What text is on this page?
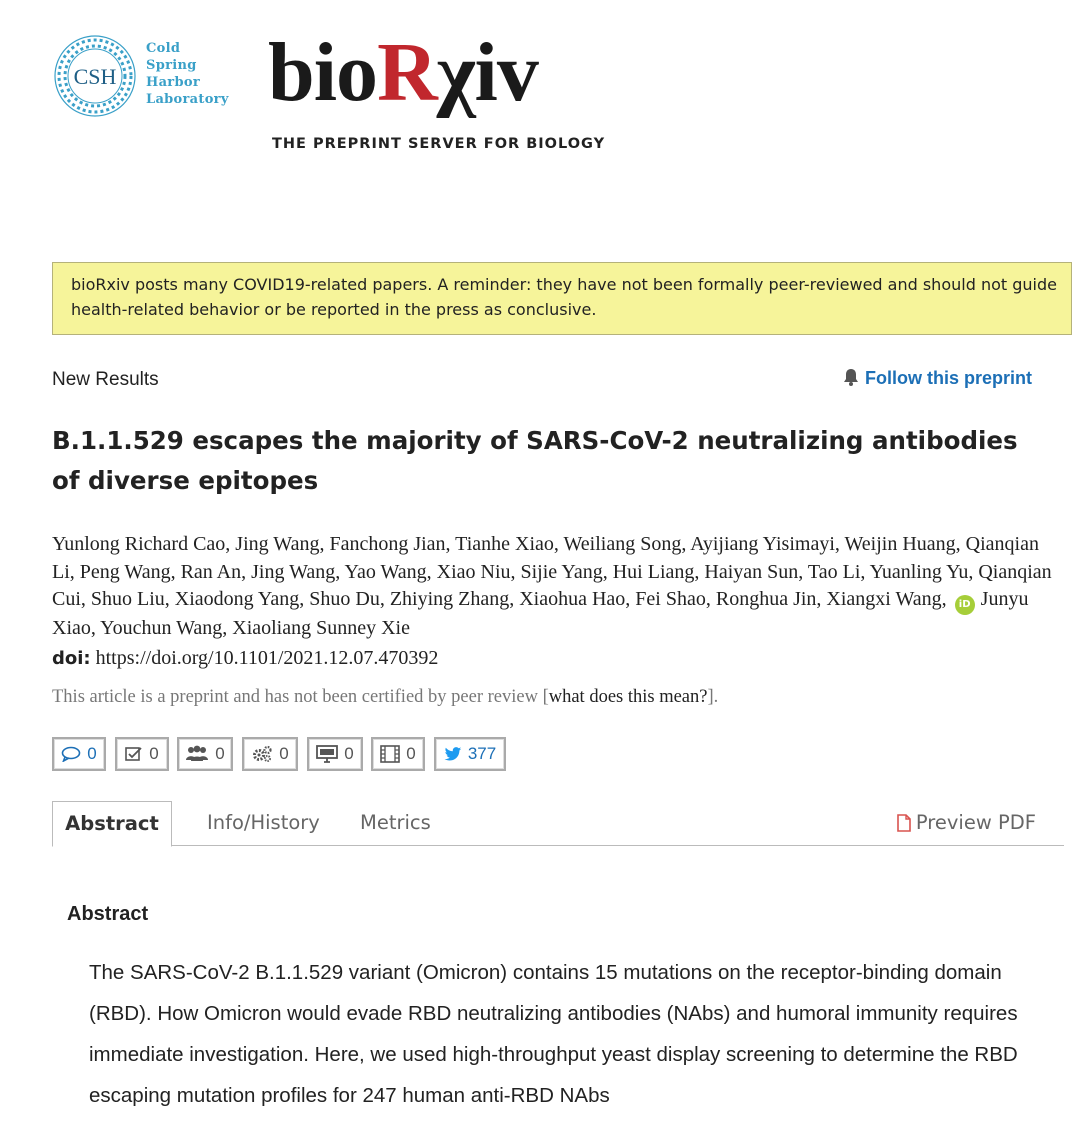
CSH
Cold
Spring
Harbor
Laboratory bioRχiv
THE PREPRINT SERVER FOR BIOLOGY
bioRxiv posts many COVID19-related papers. A reminder: they have not been formally peer-reviewed and should not guide health-related behavior or be reported in the press as conclusive.
New Results	Follow this preprint
B.1.1.529 escapes the majority of SARS-CoV-2 neutralizing antibodies of diverse epitopes
Yunlong Richard Cao, Jing Wang, Fanchong Jian, Tianhe Xiao, Weiliang Song, Ayijiang Yisimayi, Weijin Huang, Qianqian Li, Peng Wang, Ran An, Jing Wang, Yao Wang, Xiao Niu, Sijie Yang, Hui Liang, Haiyan Sun, Tao Li, Yuanling Yu, Qianqian Cui, Shuo Liu, Xiaodong Yang, Shuo Du, Zhiying Zhang, Xiaohua Hao, Fei Shao, Ronghua Jin, Xiangxi Wang, iD Junyu Xiao, Youchun Wang, Xiaoliang Sunney Xie
doi: https://doi.org/10.1101/2021.12.07.470392
This article is a preprint and has not been certified by peer review [what does this mean?].
0	0	0	0	0	0	377
Abstract	Info/History Metrics	Preview PDF
Abstract
The SARS-CoV-2 B.1.1.529 variant (Omicron) contains 15 mutations on the receptor-binding domain (RBD). How Omicron would evade RBD neutralizing antibodies (NAbs) and humoral immunity requires immediate investigation. Here, we used high-throughput yeast display screening to determine the RBD escaping mutation profiles for 247 human anti-RBD NAbs
